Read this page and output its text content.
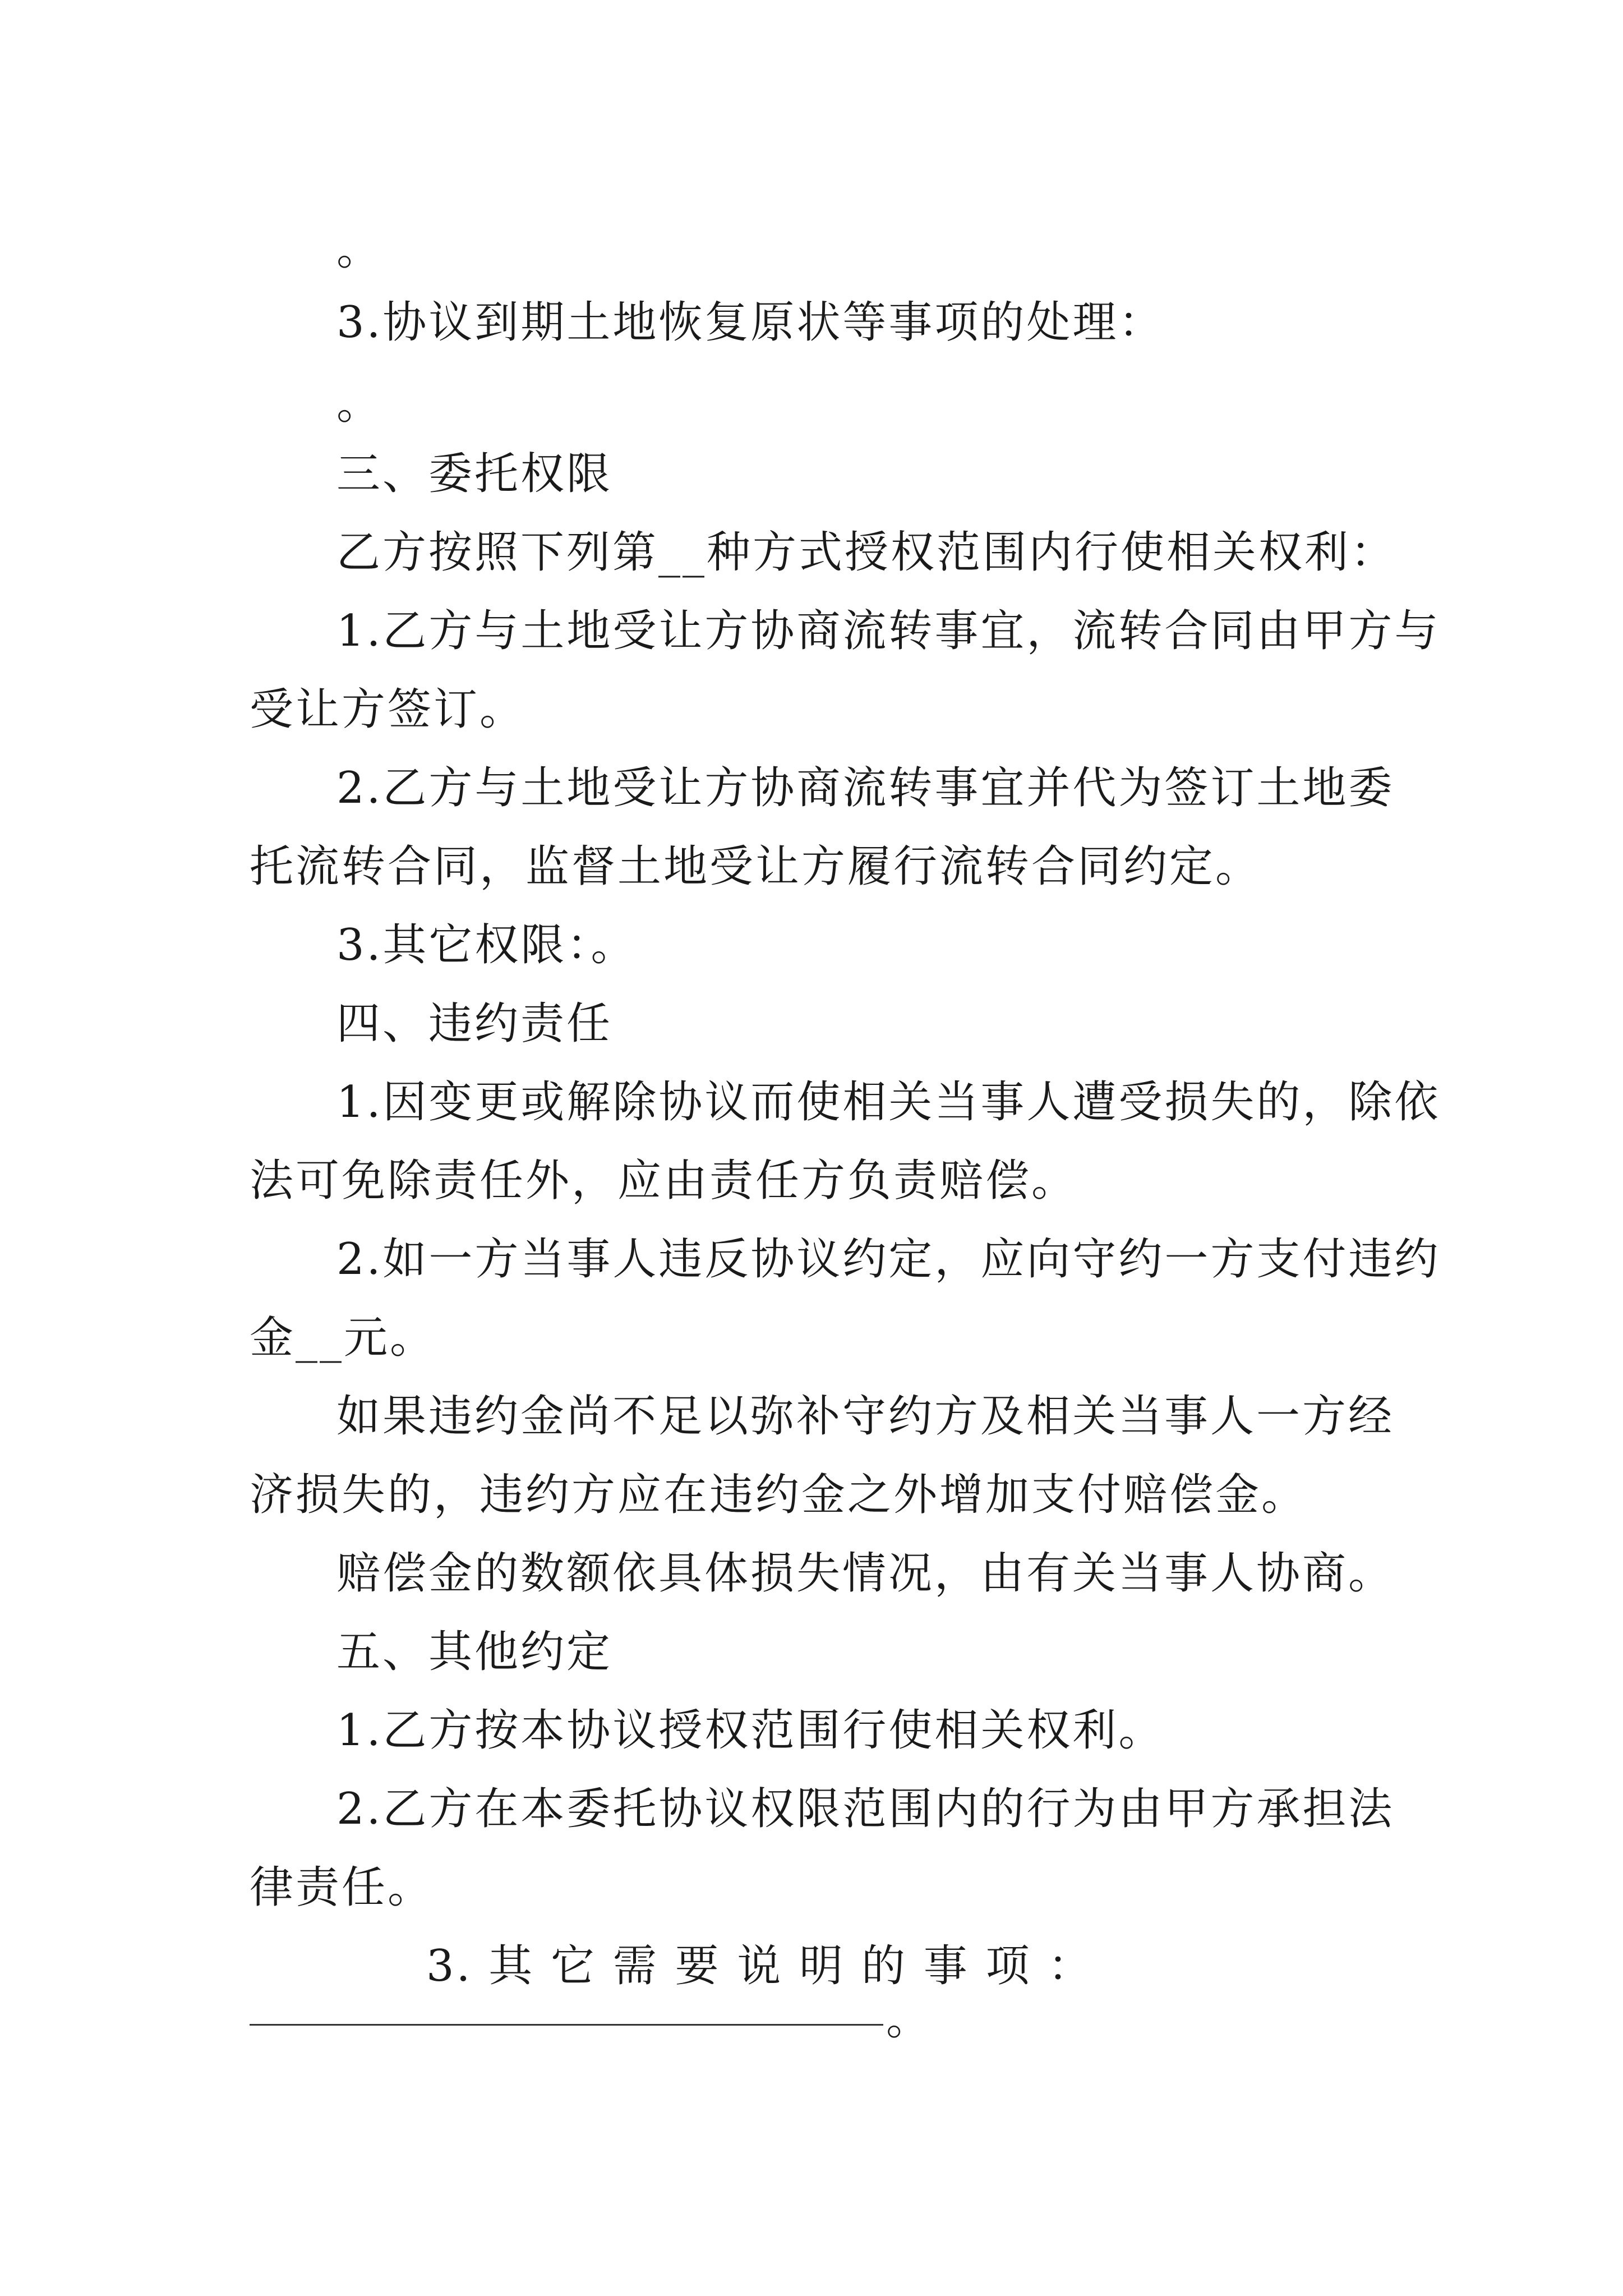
。
3.协议到期土地恢复原状等事项的处理：
。
三、委托权限
乙方按照下列第__种方式授权范围内行使相关权利：
1.乙方与土地受让方协商流转事宜，流转合同由甲方与
受让方签订。
2.乙方与土地受让方协商流转事宜并代为签订土地委
托流转合同，监督土地受让方履行流转合同约定。
3.其它权限：。
四、违约责任
1.因变更或解除协议而使相关当事人遭受损失的，除依
法可免除责任外，应由责任方负责赔偿。
2.如一方当事人违反协议约定，应向守约一方支付违约
金__元。
如果违约金尚不足以弥补守约方及相关当事人一方经
济损失的，违约方应在违约金之外增加支付赔偿金。
赔偿金的数额依具体损失情况，由有关当事人协商。
五、其他约定
1.乙方按本协议授权范围行使相关权利。
2.乙方在本委托协议权限范围内的行为由甲方承担法
律责任。
3. 其 它 需 要 说 明 的 事 项 ：
。
